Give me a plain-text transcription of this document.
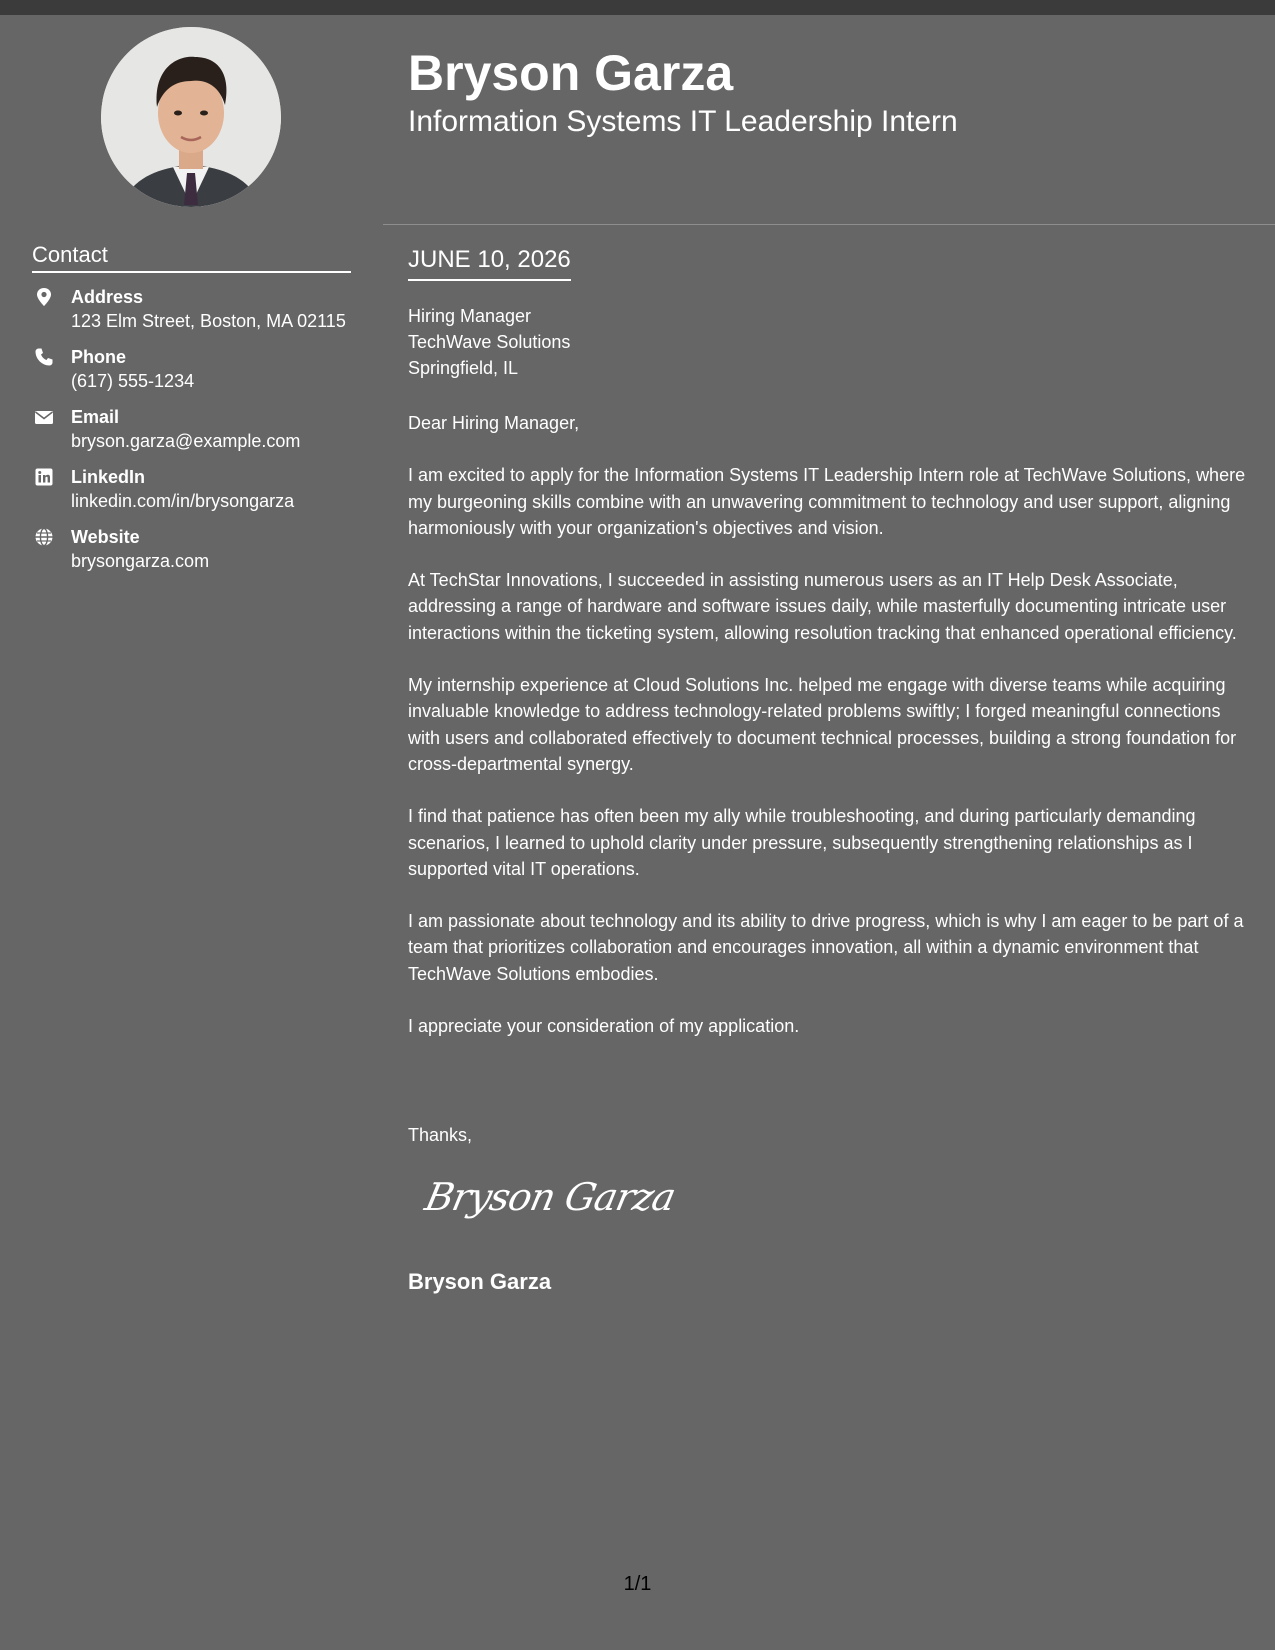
Bryson Garza
Information Systems IT Leadership Intern
Contact
Address
123 Elm Street, Boston, MA 02115
Phone
(617) 555-1234
Email
bryson.garza@example.com
LinkedIn
linkedin.com/in/brysongarza
Website
brysongarza.com
JUNE 10, 2026
Hiring Manager
TechWave Solutions
Springfield, IL

Dear Hiring Manager,

I am excited to apply for the Information Systems IT Leadership Intern role at TechWave Solutions, where my burgeoning skills combine with an unwavering commitment to technology and user support, aligning harmoniously with your organization's objectives and vision.

At TechStar Innovations, I succeeded in assisting numerous users as an IT Help Desk Associate, addressing a range of hardware and software issues daily, while masterfully documenting intricate user interactions within the ticketing system, allowing resolution tracking that enhanced operational efficiency.

My internship experience at Cloud Solutions Inc. helped me engage with diverse teams while acquiring invaluable knowledge to address technology-related problems swiftly; I forged meaningful connections with users and collaborated effectively to document technical processes, building a strong foundation for cross-departmental synergy.

I find that patience has often been my ally while troubleshooting, and during particularly demanding scenarios, I learned to uphold clarity under pressure, subsequently strengthening relationships as I supported vital IT operations.

I am passionate about technology and its ability to drive progress, which is why I am eager to be part of a team that prioritizes collaboration and encourages innovation, all within a dynamic environment that TechWave Solutions embodies.

I appreciate your consideration of my application.

Thanks,
Bryson Garza
Bryson Garza
1/1
